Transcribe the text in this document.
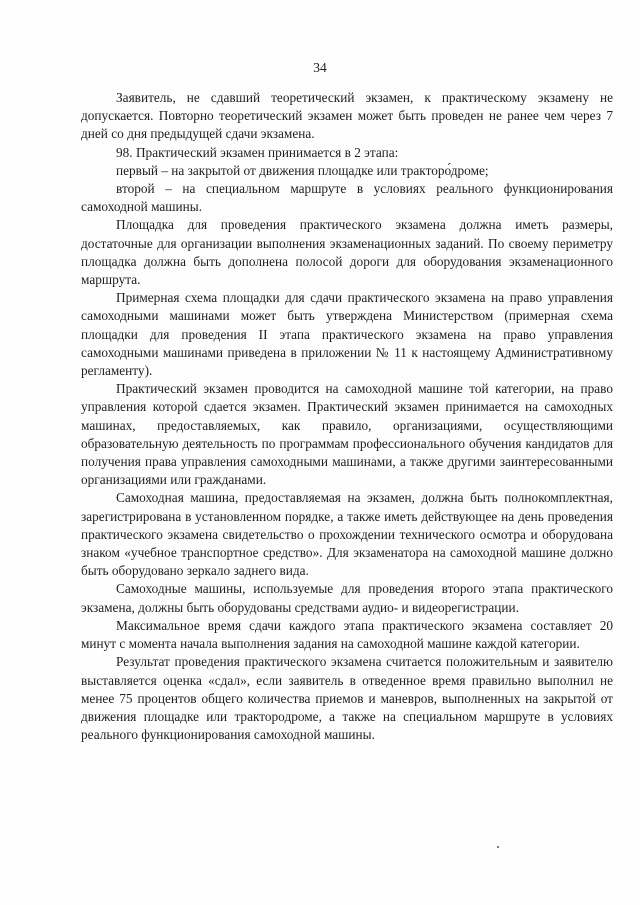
34

Заявитель, не сдавший теоретический экзамен, к практическому экзамену не допускается. Повторно теоретический экзамен может быть проведен не ранее чем через 7 дней со дня предыдущей сдачи экзамена.

98. Практический экзамен принимается в 2 этапа:

первый – на закрытой от движения площадке или тракторо́дроме;

второй – на специальном маршруте в условиях реального функционирования самоходной машины.

Площадка для проведения практического экзамена должна иметь размеры, достаточные для организации выполнения экзаменационных заданий. По своему периметру площадка должна быть дополнена полосой дороги для оборудования экзаменационного маршрута.

Примерная схема площадки для сдачи практического экзамена на право управления самоходными машинами может быть утверждена Министерством (примерная схема площадки для проведения II этапа практического экзамена на право управления самоходными машинами приведена в приложении № 11 к настоящему Административному регламенту).

Практический экзамен проводится на самоходной машине той категории, на право управления которой сдается экзамен. Практический экзамен принимается на самоходных машинах, предоставляемых, как правило, организациями, осуществляющими образовательную деятельность по программам профессионального обучения кандидатов для получения права управления самоходными машинами, а также другими заинтересованными организациями или гражданами.

Самоходная машина, предоставляемая на экзамен, должна быть полнокомплектная, зарегистрирована в установленном порядке, а также иметь действующее на день проведения практического экзамена свидетельство о прохождении технического осмотра и оборудована знаком «учебное транспортное средство». Для экзаменатора на самоходной машине должно быть оборудовано зеркало заднего вида.

Самоходные машины, используемые для проведения второго этапа практического экзамена, должны быть оборудованы средствами аудио- и видеорегистрации.

Максимальное время сдачи каждого этапа практического экзамена составляет 20 минут с момента начала выполнения задания на самоходной машине каждой категории.

Результат проведения практического экзамена считается положительным и заявителю выставляется оценка «сдал», если заявитель в отведенное время правильно выполнил не менее 75 процентов общего количества приемов и маневров, выполненных на закрытой от движения площадке или трактородроме, а также на специальном маршруте в условиях реального функционирования самоходной машины.
